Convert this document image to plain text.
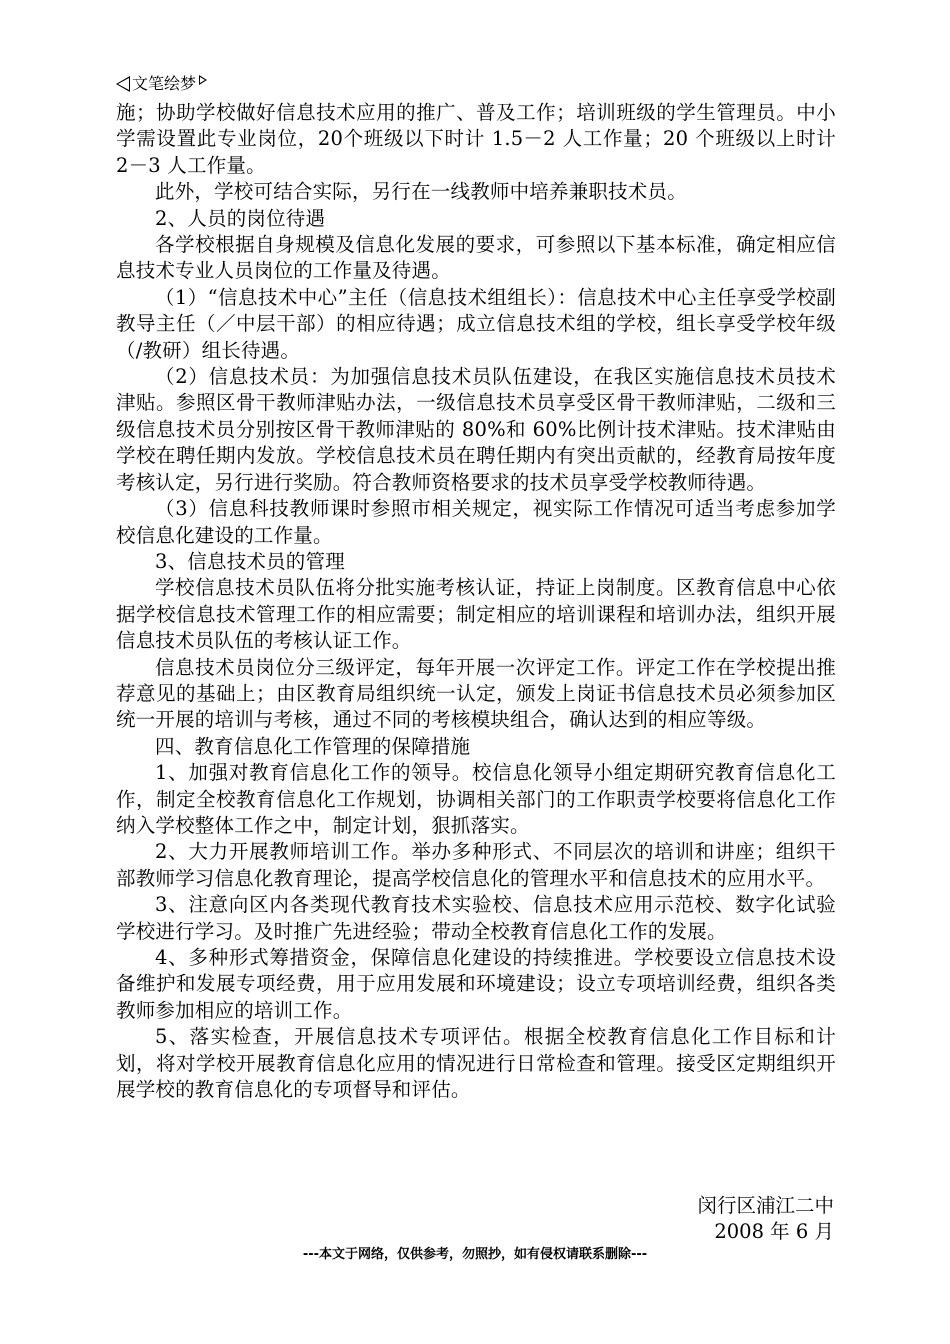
文笔绘梦

施；协助学校做好信息技术应用的推广、普及工作；培训班级的学生管理员。中小学需设置此专业岗位，20个班级以下时计 1.5－2 人工作量；20 个班级以上时计 2－3 人工作量。

此外，学校可结合实际，另行在一线教师中培养兼职技术员。

2、人员的岗位待遇

各学校根据自身规模及信息化发展的要求，可参照以下基本标准，确定相应信息技术专业人员岗位的工作量及待遇。

（1）“信息技术中心”主任（信息技术组组长）：信息技术中心主任享受学校副教导主任（／中层干部）的相应待遇；成立信息技术组的学校，组长享受学校年级（/教研）组长待遇。

（2）信息技术员：为加强信息技术员队伍建设，在我区实施信息技术员技术津贴。参照区骨干教师津贴办法，一级信息技术员享受区骨干教师津贴，二级和三级信息技术员分别按区骨干教师津贴的 80%和 60%比例计技术津贴。技术津贴由学校在聘任期内发放。学校信息技术员在聘任期内有突出贡献的，经教育局按年度考核认定，另行进行奖励。符合教师资格要求的技术员享受学校教师待遇。

（3）信息科技教师课时参照市相关规定，视实际工作情况可适当考虑参加学校信息化建设的工作量。

3、信息技术员的管理

学校信息技术员队伍将分批实施考核认证，持证上岗制度。区教育信息中心依据学校信息技术管理工作的相应需要；制定相应的培训课程和培训办法，组织开展信息技术员队伍的考核认证工作。

信息技术员岗位分三级评定，每年开展一次评定工作。评定工作在学校提出推荐意见的基础上；由区教育局组织统一认定，颁发上岗证书信息技术员必须参加区统一开展的培训与考核，通过不同的考核模块组合，确认达到的相应等级。

四、教育信息化工作管理的保障措施

1、加强对教育信息化工作的领导。校信息化领导小组定期研究教育信息化工作，制定全校教育信息化工作规划，协调相关部门的工作职责学校要将信息化工作纳入学校整体工作之中，制定计划，狠抓落实。

2、大力开展教师培训工作。举办多种形式、不同层次的培训和讲座；组织干部教师学习信息化教育理论，提高学校信息化的管理水平和信息技术的应用水平。

3、注意向区内各类现代教育技术实验校、信息技术应用示范校、数字化试验学校进行学习。及时推广先进经验；带动全校教育信息化工作的发展。

4、多种形式筹措资金，保障信息化建设的持续推进。学校要设立信息技术设备维护和发展专项经费，用于应用发展和环境建设；设立专项培训经费，组织各类教师参加相应的培训工作。

5、落实检查，开展信息技术专项评估。根据全校教育信息化工作目标和计划，将对学校开展教育信息化应用的情况进行日常检查和管理。接受区定期组织开展学校的教育信息化的专项督导和评估。

闵行区浦江二中
2008 年 6 月
---本文于网络，仅供参考，勿照抄，如有侵权请联系删除---
